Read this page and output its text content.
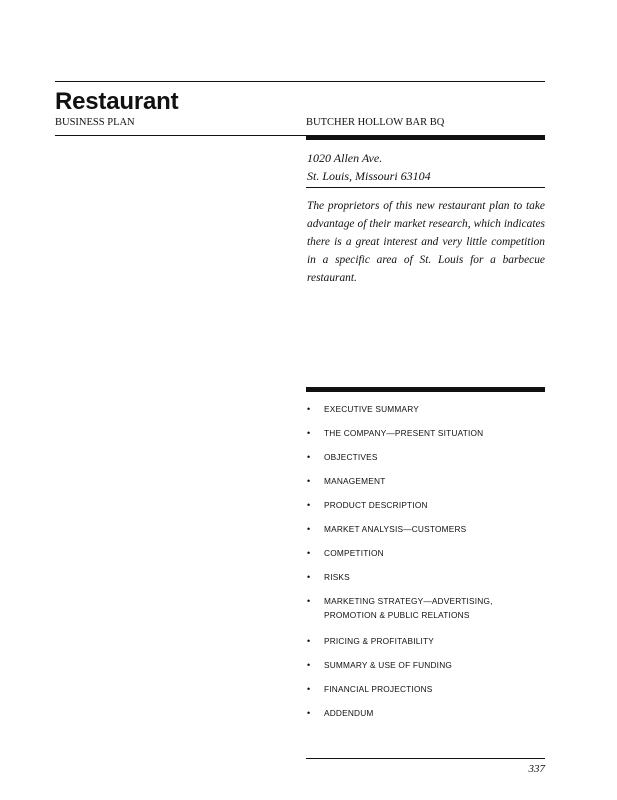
Restaurant
BUSINESS PLAN	BUTCHER HOLLOW BAR BQ
1020 Allen Ave.
St. Louis, Missouri 63104
The proprietors of this new restaurant plan to take advantage of their market research, which indicates there is a great interest and very little competition in a specific area of St. Louis for a barbecue restaurant.
• EXECUTIVE SUMMARY
• THE COMPANY—PRESENT SITUATION
• OBJECTIVES
• MANAGEMENT
• PRODUCT DESCRIPTION
• MARKET ANALYSIS—CUSTOMERS
• COMPETITION
• RISKS
• MARKETING STRATEGY—ADVERTISING, PROMOTION & PUBLIC RELATIONS
• PRICING & PROFITABILITY
• SUMMARY & USE OF FUNDING
• FINANCIAL PROJECTIONS
• ADDENDUM
337
